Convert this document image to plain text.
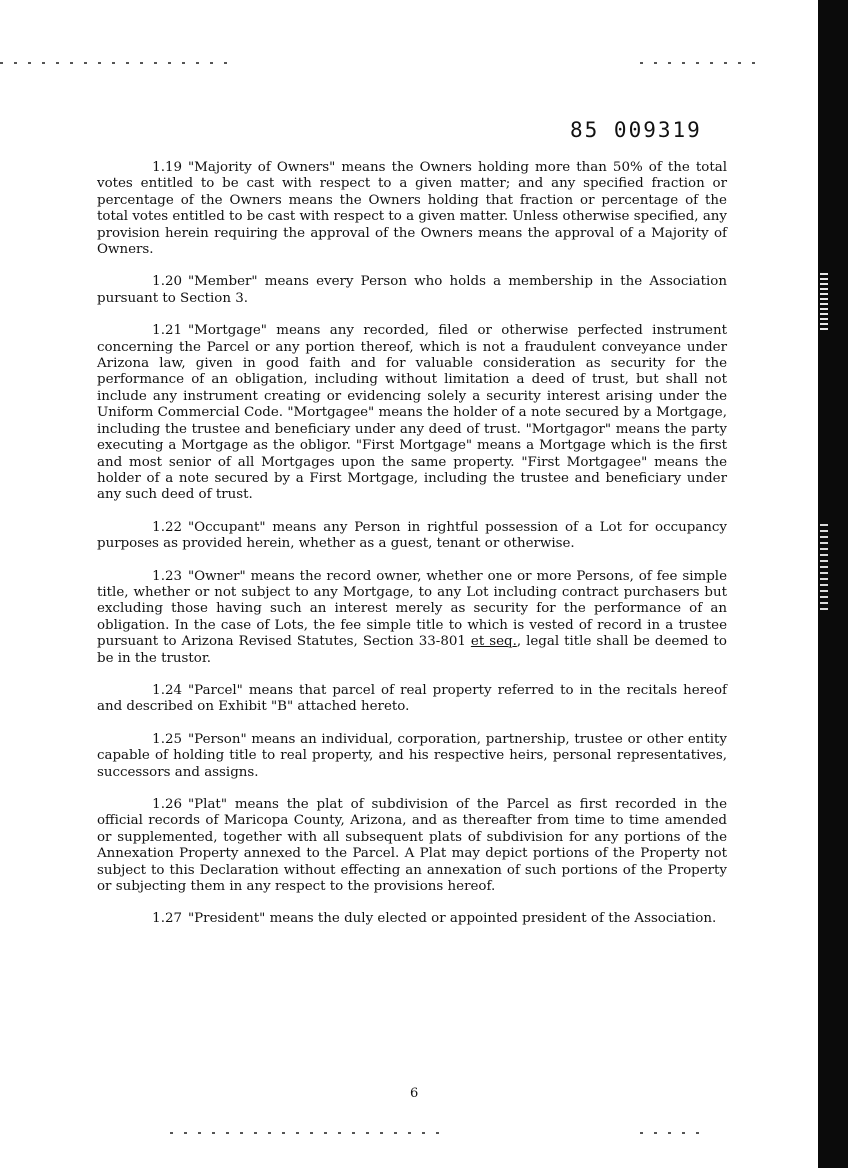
85 009319

1.19 "Majority of Owners" means the Owners holding more than 50% of the total votes entitled to be cast with respect to a given matter; and any specified fraction or percentage of the Owners means the Owners holding that fraction or percentage of the total votes entitled to be cast with respect to a given matter. Unless otherwise specified, any provision herein requiring the approval of the Owners means the approval of a Majority of Owners.

1.20 "Member" means every Person who holds a membership in the Association pursuant to Section 3.

1.21 "Mortgage" means any recorded, filed or otherwise perfected instrument concerning the Parcel or any portion thereof, which is not a fraudulent conveyance under Arizona law, given in good faith and for valuable consideration as security for the performance of an obligation, including without limitation a deed of trust, but shall not include any instrument creating or evidencing solely a security interest arising under the Uniform Commercial Code. "Mortgagee" means the holder of a note secured by a Mortgage, including the trustee and beneficiary under any deed of trust. "Mortgagor" means the party executing a Mortgage as the obligor. "First Mortgage" means a Mortgage which is the first and most senior of all Mortgages upon the same property. "First Mortgagee" means the holder of a note secured by a First Mortgage, including the trustee and beneficiary under any such deed of trust.

1.22 "Occupant" means any Person in rightful possession of a Lot for occupancy purposes as provided herein, whether as a guest, tenant or otherwise.

1.23 "Owner" means the record owner, whether one or more Persons, of fee simple title, whether or not subject to any Mortgage, to any Lot including contract purchasers but excluding those having such an interest merely as security for the performance of an obligation. In the case of Lots, the fee simple title to which is vested of record in a trustee pursuant to Arizona Revised Statutes, Section 33-801 et seq., legal title shall be deemed to be in the trustor.

1.24 "Parcel" means that parcel of real property referred to in the recitals hereof and described on Exhibit "B" attached hereto.

1.25 "Person" means an individual, corporation, partnership, trustee or other entity capable of holding title to real property, and his respective heirs, personal representatives, successors and assigns.

1.26 "Plat" means the plat of subdivision of the Parcel as first recorded in the official records of Maricopa County, Arizona, and as thereafter from time to time amended or supplemented, together with all subsequent plats of subdivision for any portions of the Annexation Property annexed to the Parcel. A Plat may depict portions of the Property not subject to this Declaration without effecting an annexation of such portions of the Property or subjecting them in any respect to the provisions hereof.

1.27 "President" means the duly elected or appointed president of the Association.

6
